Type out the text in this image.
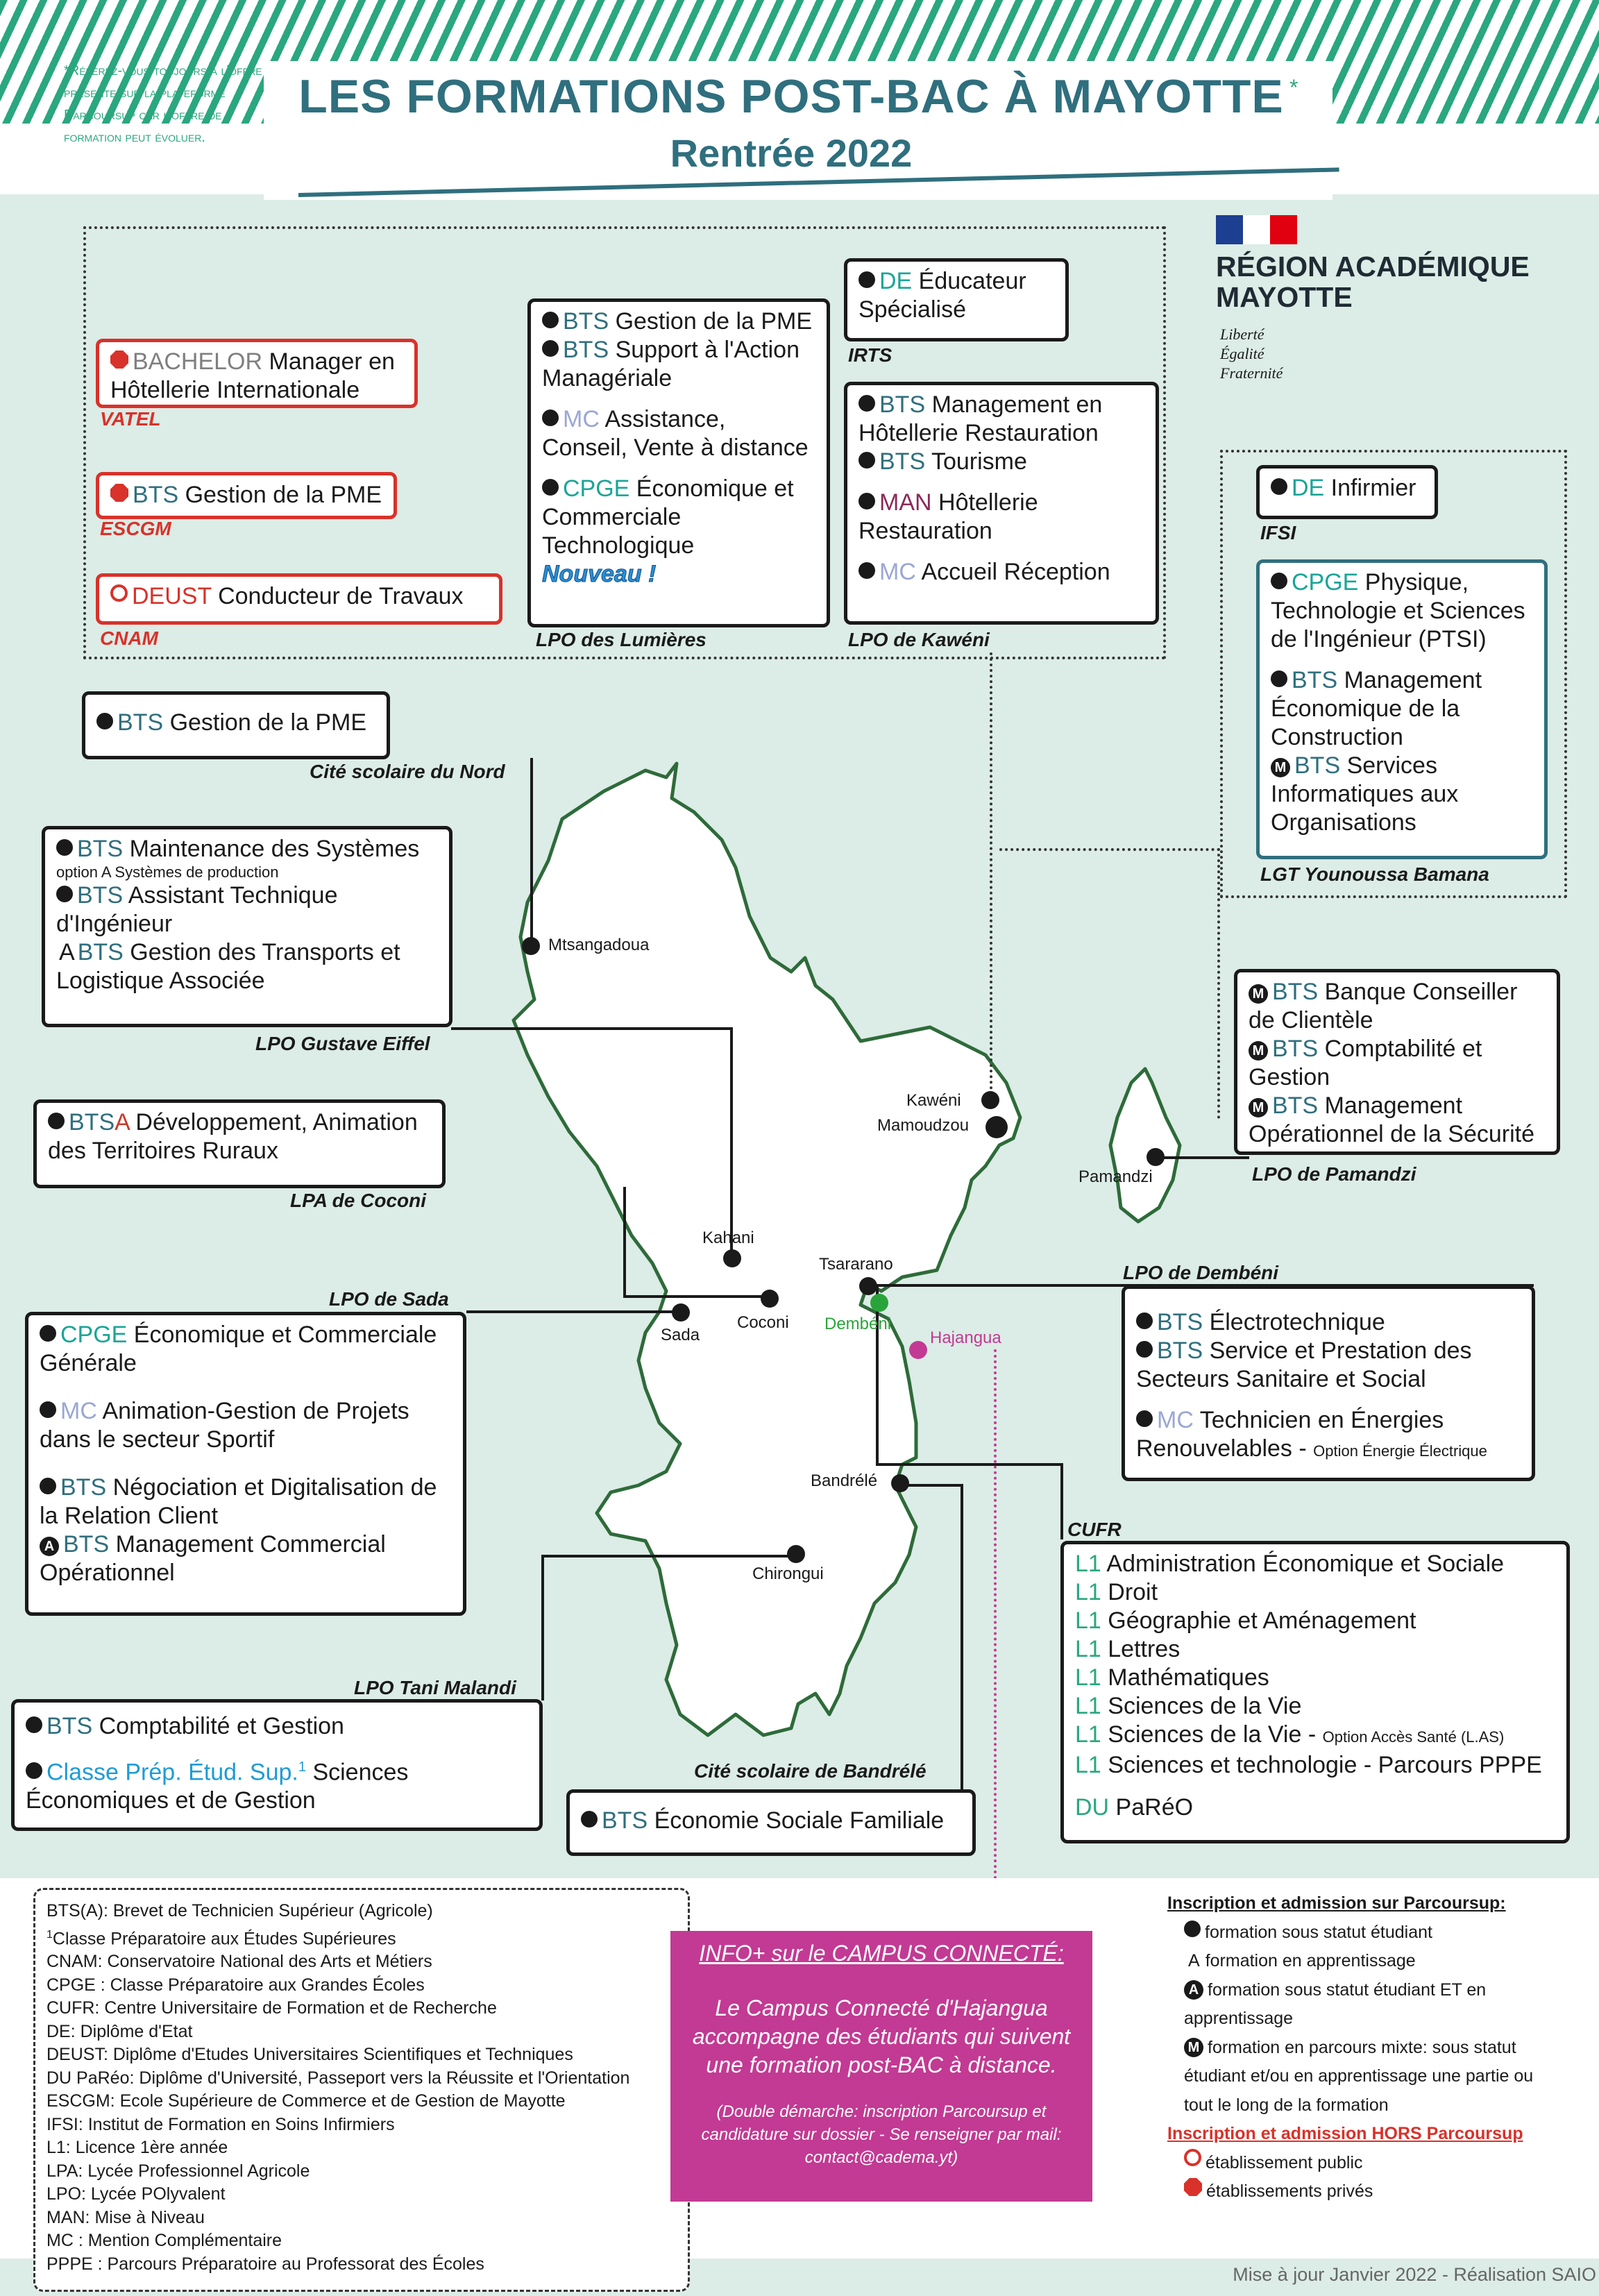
*Référez-vous toujours à l'offre présente sur la plateforme Parcoursup car l'offre de formation peut évoluer.
LES FORMATIONS POST-BAC À MAYOTTE *
Rentrée 2022
RÉGION ACADÉMIQUE MAYOTTE
Liberté
Égalité
Fraternité
Mtsangadoua
Kawéni
Mamoudzou
Pamandzi
Kahani
Tsararano
Coconi
Sada
Dembéni
Hajangua
Bandrélé
Chirongui
BACHELOR Manager en Hôtellerie Internationale
VATEL
BTS Gestion de la PME
ESCGM
DEUST Conducteur de Travaux
CNAM
BTS Gestion de la PME
BTS Support à l'Action Managériale
MC Assistance, Conseil, Vente à distance
CPGE Économique et Commerciale Technologique
Nouveau !
LPO des Lumières
DE Éducateur Spécialisé
IRTS
BTS Management en Hôtellerie Restauration
BTS Tourisme
MAN Hôtellerie Restauration
MC Accueil Réception
LPO de Kawéni
DE Infirmier
IFSI
CPGE Physique, Technologie et Sciences de l'Ingénieur (PTSI)
BTS Management Économique de la Construction
M BTS Services Informatiques aux Organisations
LGT Younoussa Bamana
BTS Gestion de la PME
Cité scolaire du Nord
BTS Maintenance des Systèmes
option A Systèmes de production
BTS Assistant Technique d'Ingénieur
A BTS Gestion des Transports et Logistique Associée
LPO Gustave Eiffel
M BTS Banque Conseiller de Clientèle
M BTS Comptabilité et Gestion
M BTS Management Opérationnel de la Sécurité
LPO de Pamandzi
BTSA Développement, Animation des Territoires Ruraux
LPA de Coconi
LPO de Sada
CPGE Économique et Commerciale Générale
MC Animation-Gestion de Projets dans le secteur Sportif
BTS Négociation et Digitalisation de la Relation Client
A BTS Management Commercial Opérationnel
LPO de Dembéni
BTS Électrotechnique
BTS Service et Prestation des Secteurs Sanitaire et Social
MC Technicien en Énergies Renouvelables - Option Énergie Électrique
CUFR
L1 Administration Économique et Sociale
L1 Droit
L1 Géographie et Aménagement
L1 Lettres
L1 Mathématiques
L1 Sciences de la Vie
L1 Sciences de la Vie - Option Accès Santé (L.AS)
L1 Sciences et technologie - Parcours PPPE
DU PaRéO
LPO Tani Malandi
BTS Comptabilité et Gestion
Classe Prép. Étud. Sup.$^1$ Sciences Économiques et de Gestion
Cité scolaire de Bandrélé
BTS Économie Sociale Familiale
BTS(A): Brevet de Technicien Supérieur (Agricole)
$^1$Classe Préparatoire aux Études Supérieures
CNAM: Conservatoire National des Arts et Métiers
CPGE : Classe Préparatoire aux Grandes Écoles
CUFR: Centre Universitaire de Formation et de Recherche
DE: Diplôme d'Etat
DEUST: Diplôme d'Etudes Universitaires Scientifiques et Techniques
DU PaRéo: Diplôme d'Université, Passeport vers la Réussite et l'Orientation
ESCGM: Ecole Supérieure de Commerce et de Gestion de Mayotte
IFSI: Institut de Formation en Soins Infirmiers
L1: Licence 1ère année
LPA: Lycée Professionnel Agricole
LPO: Lycée POlyvalent
MAN: Mise à Niveau
MC : Mention Complémentaire
PPPE : Parcours Préparatoire au Professorat des Écoles
INFO+ sur le CAMPUS CONNECTÉ:
Le Campus Connecté d'Hajangua accompagne des étudiants qui suivent une formation post-BAC à distance.
(Double démarche: inscription Parcoursup et candidature sur dossier - Se renseigner par mail: contact@cadema.yt)
Inscription et admission sur Parcoursup:
formation sous statut étudiant
A formation en apprentissage
A formation sous statut étudiant ET en apprentissage
M formation en parcours mixte: sous statut étudiant et/ou en apprentissage une partie ou tout le long de la formation
Inscription et admission HORS Parcoursup
établissement public
établissements privés
Mise à jour Janvier 2022 - Réalisation SAIO
